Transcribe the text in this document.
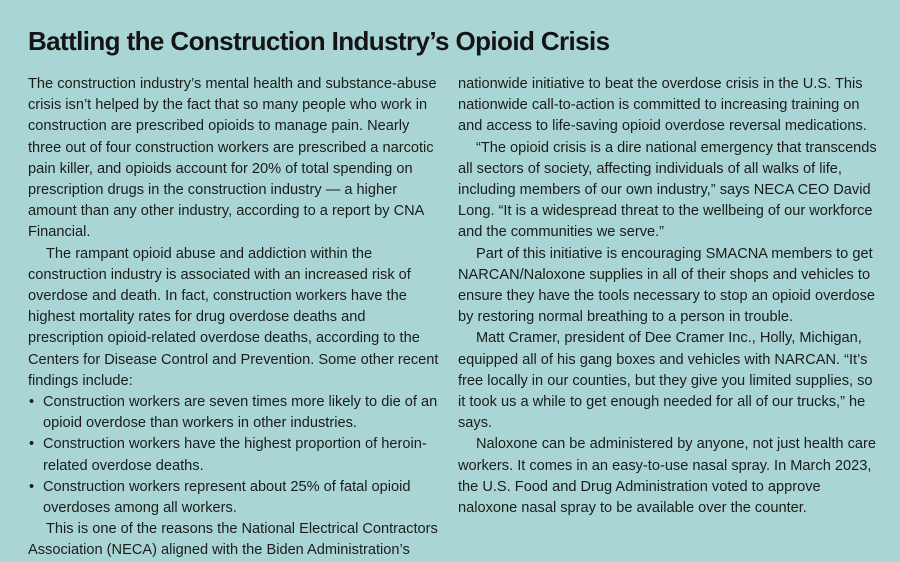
Battling the Construction Industry’s Opioid Crisis

The construction industry’s mental health and substance-abuse crisis isn’t helped by the fact that so many people who work in construction are prescribed opioids to manage pain. Nearly three out of four construction workers are prescribed a narcotic pain killer, and opioids account for 20% of total spending on prescription drugs in the construction industry — a higher amount than any other industry, according to a report by CNA Financial.

The rampant opioid abuse and addiction within the construction industry is associated with an increased risk of overdose and death. In fact, construction workers have the highest mortality rates for drug overdose deaths and prescription opioid-related overdose deaths, according to the Centers for Disease Control and Prevention. Some other recent findings include:

• Construction workers are seven times more likely to die of an opioid overdose than workers in other industries.
• Construction workers have the highest proportion of heroin-related overdose deaths.
• Construction workers represent about 25% of fatal opioid overdoses among all workers.

This is one of the reasons the National Electrical Contractors Association (NECA) aligned with the Biden Administration’s

nationwide initiative to beat the overdose crisis in the U.S. This nationwide call-to-action is committed to increasing training on and access to life-saving opioid overdose reversal medications.

“The opioid crisis is a dire national emergency that transcends all sectors of society, affecting individuals of all walks of life, including members of our own industry,” says NECA CEO David Long. “It is a widespread threat to the wellbeing of our workforce and the communities we serve.”

Part of this initiative is encouraging SMACNA members to get NARCAN/Naloxone supplies in all of their shops and vehicles to ensure they have the tools necessary to stop an opioid overdose by restoring normal breathing to a person in trouble.

Matt Cramer, president of Dee Cramer Inc., Holly, Michigan, equipped all of his gang boxes and vehicles with NARCAN. “It’s free locally in our counties, but they give you limited supplies, so it took us a while to get enough needed for all of our trucks,” he says.

Naloxone can be administered by anyone, not just health care workers. It comes in an easy-to-use nasal spray. In March 2023, the U.S. Food and Drug Administration voted to approve naloxone nasal spray to be available over the counter.
